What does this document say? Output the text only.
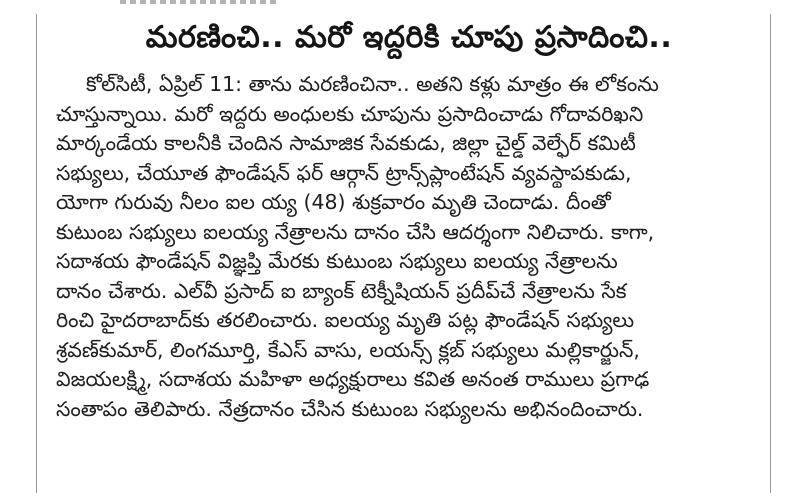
మరణించి.. మరో ఇద్దరికి చూపు ప్రసాదించి..
కోల్‌సిటీ, ఏప్రిల్ 11: తాను మరణించినా.. అతని కళ్లు మాత్రం ఈ లోకంను
చూస్తున్నాయి. మరో ఇద్దరు అంధులకు చూపును ప్రసాదించాడు గోదావరిఖని
మార్కండేయ కాలనీకి చెందిన సామాజిక సేవకుడు, జిల్లా చైల్డ్ వెల్ఫేర్ కమిటీ
సభ్యులు, చేయూత ఫౌండేషన్ ఫర్ ఆర్గాన్ ట్రాన్స్‌ప్లాంటేషన్ వ్యవస్థాపకుడు,
యోగా గురువు నీలం ఐల య్య (48) శుక్రవారం మృతి చెందాడు. దీంతో
కుటుంబ సభ్యులు ఐలయ్య నేత్రాలను దానం చేసి ఆదర్శంగా నిలిచారు. కాగా,
సదాశయ ఫౌండేషన్ విజ్ఞప్తి మేరకు కుటుంబ సభ్యులు ఐలయ్య నేత్రాలను
దానం చేశారు. ఎల్‌వీ ప్రసాద్ ఐ బ్యాంక్ టెక్నీషియన్ ప్రదీప్‌చే నేత్రాలను సేక
రించి హైదరాబాద్‌కు తరలించారు. ఐలయ్య మృతి పట్ల ఫౌండేషన్ సభ్యులు
శ్రవణ్‌కుమార్, లింగమూర్తి, కేఎస్ వాసు, లయన్స్ క్లబ్ సభ్యులు మల్లికార్జున్,
విజయలక్ష్మి, సదాశయ మహిళా అధ్యక్షురాలు కవిత అనంత రాములు ప్రగాఢ
సంతాపం తెలిపారు. నేత్రదానం చేసిన కుటుంబ సభ్యులను అభినందించారు.
